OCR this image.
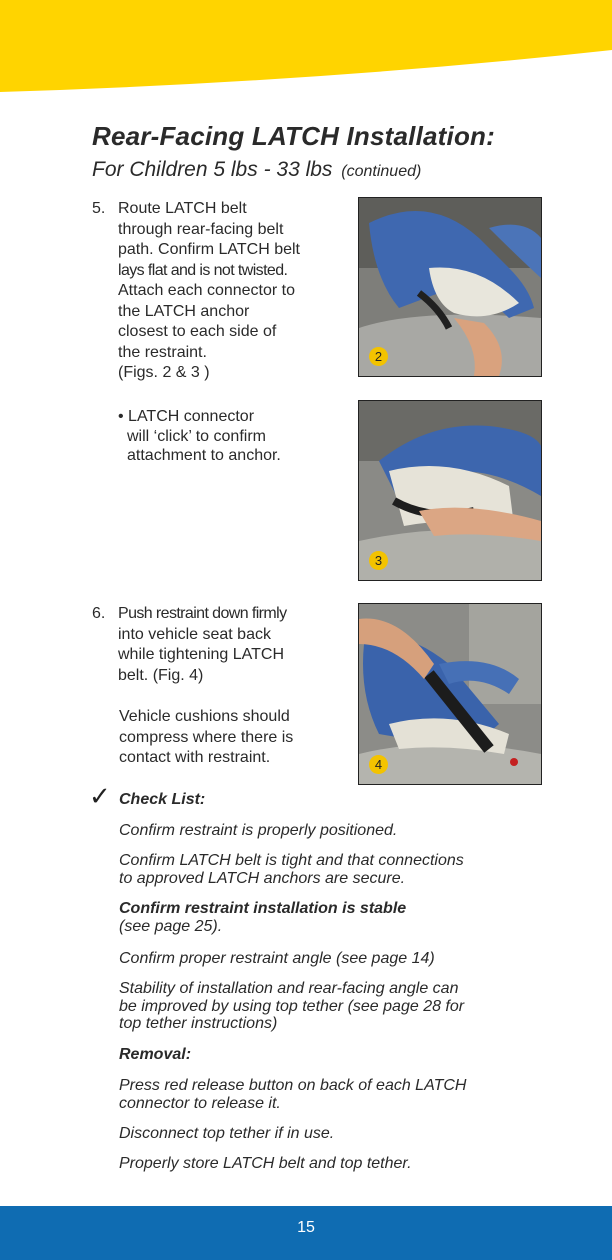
Rear-Facing LATCH Installation:
For Children 5 lbs - 33 lbs (continued)
5. Route LATCH belt
through rear-facing belt
path. Confirm LATCH belt
lays flat and is not twisted.
Attach each connector to
the LATCH anchor
closest to each side of
the restraint.
(Figs. 2 & 3 )
• LATCH connector
will ‘click’ to confirm
attachment to anchor.
2
3
6. Push restraint down firmly
into vehicle seat back
while tightening LATCH
belt. (Fig. 4)
Vehicle cushions should
compress where there is
contact with restraint.	4
✓ Check List:
Confirm restraint is properly positioned.
Confirm LATCH belt is tight and that connections
to approved LATCH anchors are secure.
Confirm restraint installation is stable
(see page 25).
Confirm proper restraint angle (see page 14)
Stability of installation and rear-facing angle can
be improved by using top tether (see page 28 for
top tether instructions)
Removal:
Press red release button on back of each LATCH
connector to release it.
Disconnect top tether if in use.
Properly store LATCH belt and top tether.
15
